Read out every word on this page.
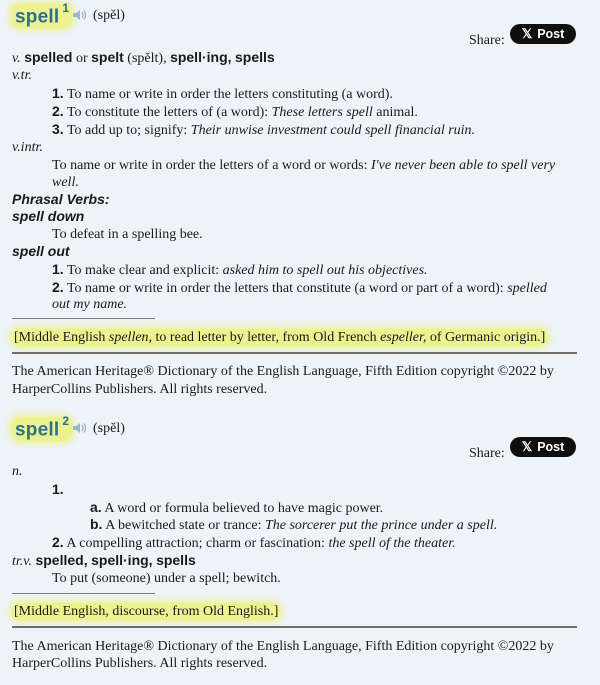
spell $^1$ (spĕl)
Share: 𝕏 Post
v. spelled or spelt (spĕlt), spell·ing, spells
v.tr.
1. To name or write in order the letters constituting (a word).
2. To constitute the letters of (a word): These letters spell animal.
3. To add up to; signify: Their unwise investment could spell financial ruin.
v.intr.
To name or write in order the letters of a word or words: I've never been able to spell very
well.
Phrasal Verbs:
spell down
To defeat in a spelling bee.
spell out
1. To make clear and explicit: asked him to spell out his objectives.
2. To name or write in order the letters that constitute (a word or part of a word): spelled
out my name.
[Middle English spellen, to read letter by letter, from Old French espeller, of Germanic origin.]
The American Heritage® Dictionary of the English Language, Fifth Edition copyright ©2022 by
HarperCollins Publishers. All rights reserved.
spell $^2$ (spĕl)
Share: 𝕏 Post
n.
1.
a. A word or formula believed to have magic power.
b. A bewitched state or trance: The sorcerer put the prince under a spell.
2. A compelling attraction; charm or fascination: the spell of the theater.
tr.v. spelled, spell·ing, spells
To put (someone) under a spell; bewitch.
[Middle English, discourse, from Old English.]
The American Heritage® Dictionary of the English Language, Fifth Edition copyright ©2022 by
HarperCollins Publishers. All rights reserved.
